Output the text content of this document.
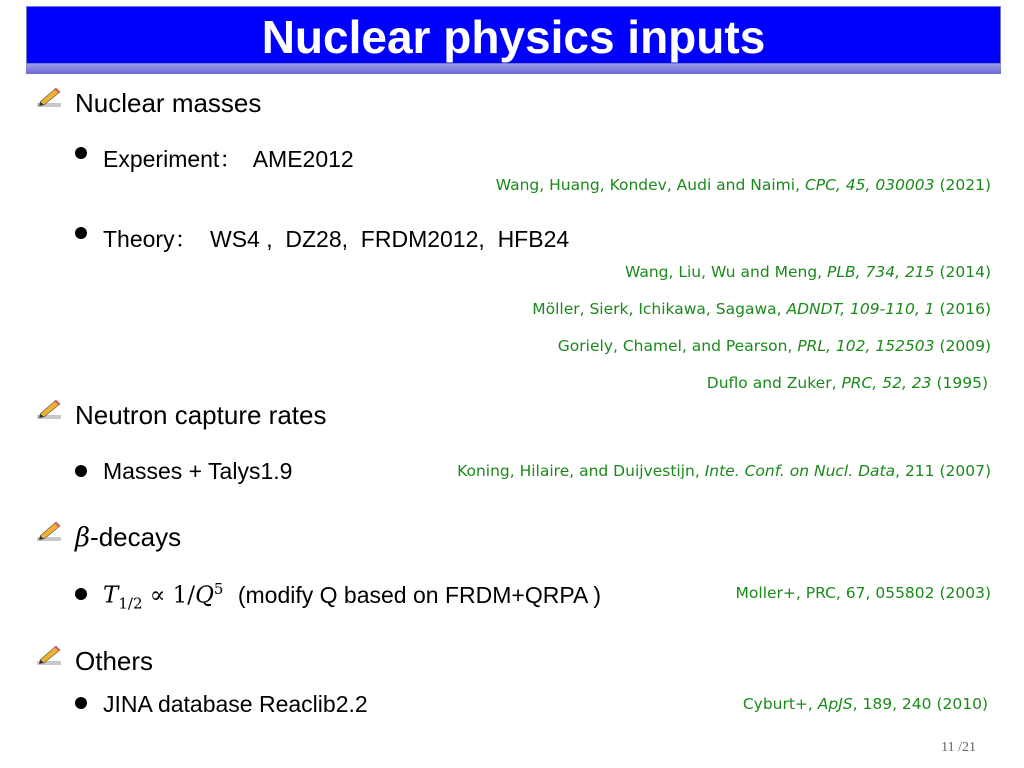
Nuclear physics inputs
Nuclear masses
Experiment： AME2012
Wang, Huang, Kondev, Audi and Naimi, CPC, 45, 030003 (2021)
Theory： WS4 ,  DZ28,  FRDM2012,  HFB24
Wang, Liu, Wu and Meng, PLB, 734, 215 (2014)
Möller, Sierk, Ichikawa, Sagawa, ADNDT, 109-110, 1 (2016)
Goriely, Chamel, and Pearson, PRL, 102, 152503 (2009)
Duflo and Zuker, PRC, 52, 23 (1995)
Neutron capture rates
Masses + Talys1.9	Koning, Hilaire, and Duijvestijn, Inte. Conf. on Nucl. Data, 211 (2007)
β-decays
$T_{1/2} \propto 1/Q^5$ (modify Q based on FRDM+QRPA )	Moller+, PRC, 67, 055802 (2003)
Others
JINA database Reaclib2.2	Cyburt+, ApJS, 189, 240 (2010)
11 /21
